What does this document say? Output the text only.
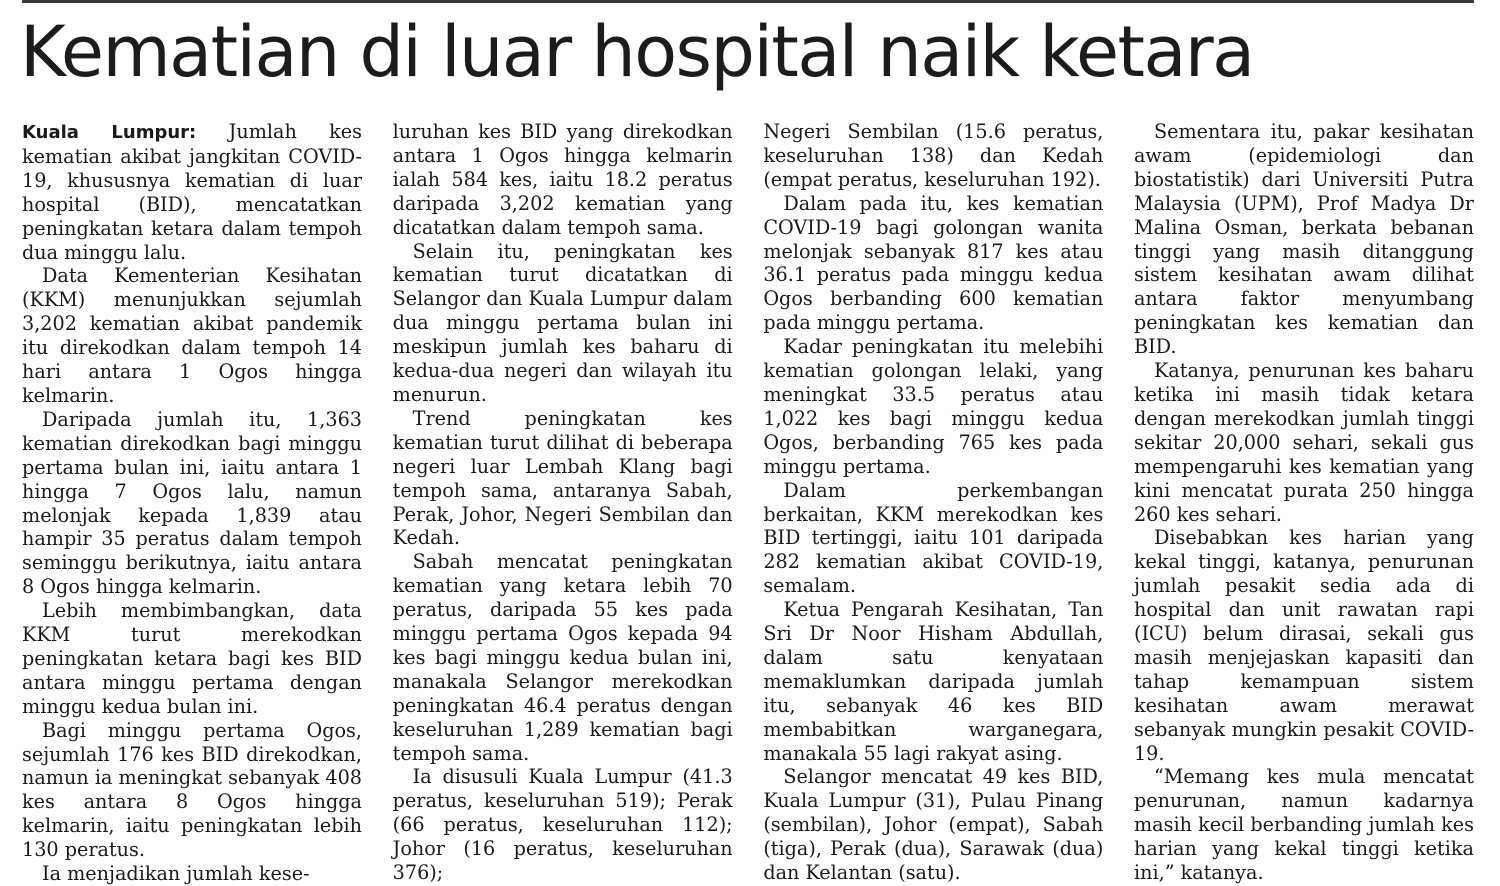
Kematian di luar hospital naik ketara

Kuala Lumpur: Jumlah kes kematian akibat jangkitan COVID-19, khususnya kematian di luar hospital (BID), mencatatkan peningkatan ketara dalam tempoh dua minggu lalu.

Data Kementerian Kesihatan (KKM) menunjukkan sejumlah 3,202 kematian akibat pandemik itu direkodkan dalam tempoh 14 hari antara 1 Ogos hingga kelmarin.

Daripada jumlah itu, 1,363 kematian direkodkan bagi minggu pertama bulan ini, iaitu antara 1 hingga 7 Ogos lalu, namun melonjak kepada 1,839 atau hampir 35 peratus dalam tempoh seminggu berikutnya, iaitu antara 8 Ogos hingga kelmarin.

Lebih membimbangkan, data KKM turut merekodkan peningkatan ketara bagi kes BID antara minggu pertama dengan minggu kedua bulan ini.

Bagi minggu pertama Ogos, sejumlah 176 kes BID direkodkan, namun ia meningkat sebanyak 408 kes antara 8 Ogos hingga kelmarin, iaitu peningkatan lebih 130 peratus.

Ia menjadikan jumlah kese-

luruhan kes BID yang direkodkan antara 1 Ogos hingga kelmarin ialah 584 kes, iaitu 18.2 peratus daripada 3,202 kematian yang dicatatkan dalam tempoh sama.

Selain itu, peningkatan kes kematian turut dicatatkan di Selangor dan Kuala Lumpur dalam dua minggu pertama bulan ini meskipun jumlah kes baharu di kedua-dua negeri dan wilayah itu menurun.

Trend peningkatan kes kematian turut dilihat di beberapa negeri luar Lembah Klang bagi tempoh sama, antaranya Sabah, Perak, Johor, Negeri Sembilan dan Kedah.

Sabah mencatat peningkatan kematian yang ketara lebih 70 peratus, daripada 55 kes pada minggu pertama Ogos kepada 94 kes bagi minggu kedua bulan ini, manakala Selangor merekodkan peningkatan 46.4 peratus dengan keseluruhan 1,289 kematian bagi tempoh sama.

Ia disusuli Kuala Lumpur (41.3 peratus, keseluruhan 519); Perak (66 peratus, keseluruhan 112); Johor (16 peratus, keseluruhan 376);

Negeri Sembilan (15.6 peratus, keseluruhan 138) dan Kedah (empat peratus, keseluruhan 192).

Dalam pada itu, kes kematian COVID-19 bagi golongan wanita melonjak sebanyak 817 kes atau 36.1 peratus pada minggu kedua Ogos berbanding 600 kematian pada minggu pertama.

Kadar peningkatan itu melebihi kematian golongan lelaki, yang meningkat 33.5 peratus atau 1,022 kes bagi minggu kedua Ogos, berbanding 765 kes pada minggu pertama.

Dalam perkembangan berkaitan, KKM merekodkan kes BID tertinggi, iaitu 101 daripada 282 kematian akibat COVID-19, semalam.

Ketua Pengarah Kesihatan, Tan Sri Dr Noor Hisham Abdullah, dalam satu kenyataan memaklumkan daripada jumlah itu, sebanyak 46 kes BID membabitkan warganegara, manakala 55 lagi rakyat asing.

Selangor mencatat 49 kes BID, Kuala Lumpur (31), Pulau Pinang (sembilan), Johor (empat), Sabah (tiga), Perak (dua), Sarawak (dua) dan Kelantan (satu).

Sementara itu, pakar kesihatan awam (epidemiologi dan biostatistik) dari Universiti Putra Malaysia (UPM), Prof Madya Dr Malina Osman, berkata bebanan tinggi yang masih ditanggung sistem kesihatan awam dilihat antara faktor menyumbang peningkatan kes kematian dan BID.

Katanya, penurunan kes baharu ketika ini masih tidak ketara dengan merekodkan jumlah tinggi sekitar 20,000 sehari, sekali gus mempengaruhi kes kematian yang kini mencatat purata 250 hingga 260 kes sehari.

Disebabkan kes harian yang kekal tinggi, katanya, penurunan jumlah pesakit sedia ada di hospital dan unit rawatan rapi (ICU) belum dirasai, sekali gus masih menjejaskan kapasiti dan tahap kemampuan sistem kesihatan awam merawat sebanyak mungkin pesakit COVID-19.

“Memang kes mula mencatat penurunan, namun kadarnya masih kecil berbanding jumlah kes harian yang kekal tinggi ketika ini,” katanya.
